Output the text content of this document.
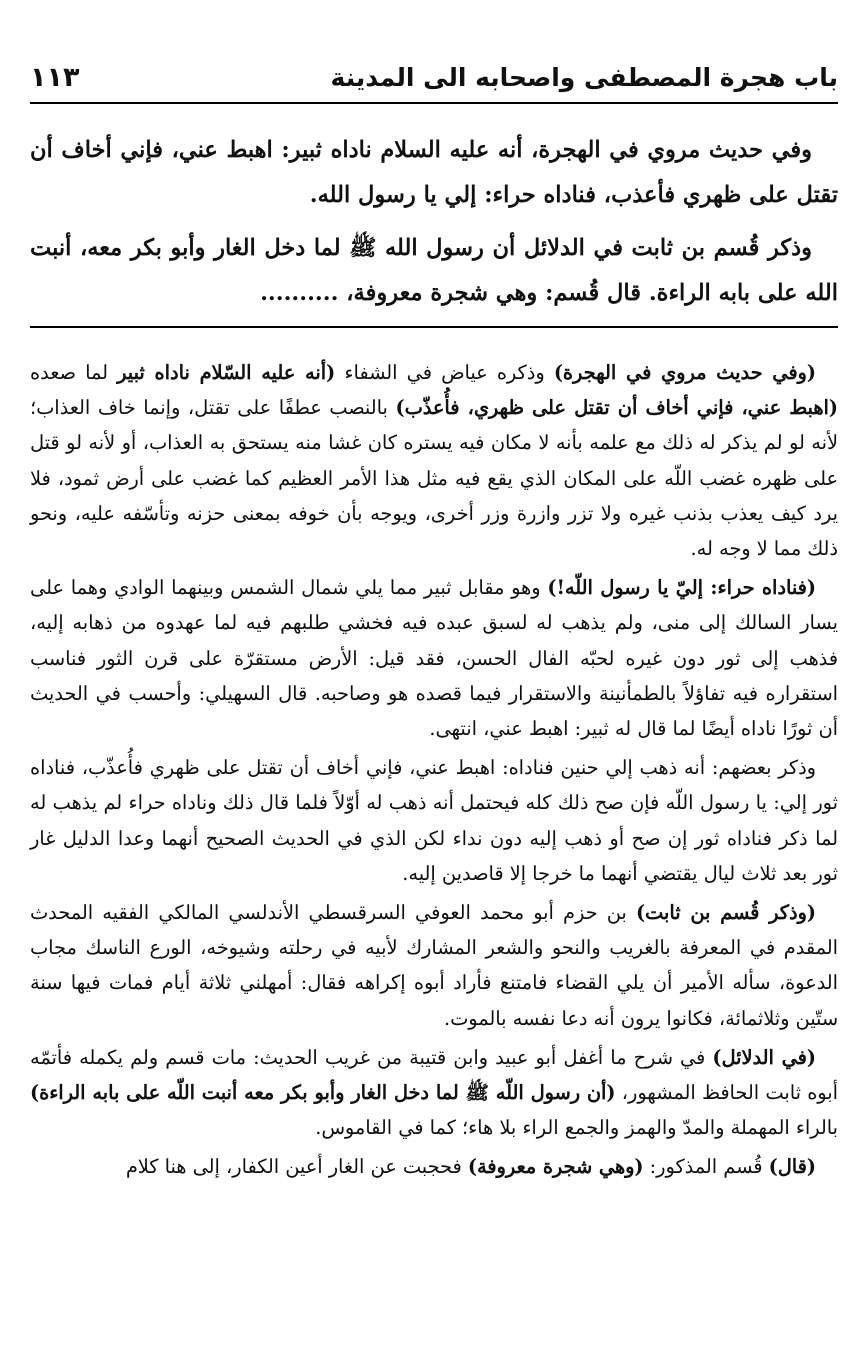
باب هجرة المصطفى واصحابه الى المدينة
١١٣

وفي حديث مروي في الهجرة، أنه عليه السلام ناداه ثبير: اهبط عني، فإني أخاف أن تقتل على ظهري فأعذب، فناداه حراء: إلي يا رسول الله.

وذكر قُسم بن ثابت في الدلائل أن رسول الله ﷺ لما دخل الغار وأبو بكر معه، أنبت الله على بابه الراءة. قال قُسم: وهي شجرة معروفة، ..........

(وفي حديث مروي في الهجرة) وذكره عياض في الشفاء (أنه عليه السّلام ناداه ثبير لما صعده (اهبط عني، فإني أخاف أن تقتل على ظهري، فأُعذّب) بالنصب عطفًا على تقتل، وإنما خاف العذاب؛ لأنه لو لم يذكر له ذلك مع علمه بأنه لا مكان فيه يستره كان غشا منه يستحق به العذاب، أو لأنه لو قتل على ظهره غضب اللّه على المكان الذي يقع فيه مثل هذا الأمر العظيم كما غضب على أرض ثمود، فلا يرد كيف يعذب بذنب غيره ولا تزر وازرة وزر أخرى، ويوجه بأن خوفه بمعنى حزنه وتأسّفه عليه، ونحو ذلك مما لا وجه له.

(فناداه حراء: إليّ يا رسول اللّه!) وهو مقابل ثبير مما يلي شمال الشمس وبينهما الوادي وهما على يسار السالك إلى منى، ولم يذهب له لسبق عبده فيه فخشي طلبهم فيه لما عهدوه من ذهابه إليه، فذهب إلى ثور دون غيره لحبّه الفال الحسن، فقد قيل: الأرض مستقرّة على قرن الثور فناسب استقراره فيه تفاؤلاً بالطمأنينة والاستقرار فيما قصده هو وصاحبه. قال السهيلي: وأحسب في الحديث أن ثورًا ناداه أيضًا لما قال له ثبير: اهبط عني، انتهى.

وذكر بعضهم: أنه ذهب إلي حنين فناداه: اهبط عني، فإني أخاف أن تقتل على ظهري فأُعذّب، فناداه ثور إلي: يا رسول اللّه فإن صح ذلك كله فيحتمل أنه ذهب له أوّلاً فلما قال ذلك وناداه حراء لم يذهب له لما ذكر فناداه ثور إن صح أو ذهب إليه دون نداء لكن الذي في الحديث الصحيح أنهما وعدا الدليل غار ثور بعد ثلاث ليال يقتضي أنهما ما خرجا إلا قاصدين إليه.

(وذكر قُسم بن ثابت) بن حزم أبو محمد العوفي السرقسطي الأندلسي المالكي الفقيه المحدث المقدم في المعرفة بالغريب والنحو والشعر المشارك لأبيه في رحلته وشيوخه، الورع الناسك مجاب الدعوة، سأله الأمير أن يلي القضاء فامتنع فأراد أبوه إكراهه فقال: أمهلني ثلاثة أيام فمات فيها سنة ستّين وثلاثمائة، فكانوا يرون أنه دعا نفسه بالموت.

(في الدلائل) في شرح ما أغفل أبو عبيد وابن قتيبة من غريب الحديث: مات قسم ولم يكمله فأتمّه أبوه ثابت الحافظ المشهور، (أن رسول اللّه ﷺ لما دخل الغار وأبو بكر معه أنبت اللّه على بابه الراءة) بالراء المهملة والمدّ والهمز والجمع الراء بلا هاء؛ كما في القاموس.

(قال) قُسم المذكور: (وهي شجرة معروفة) فحجبت عن الغار أعين الكفار، إلى هنا كلام
